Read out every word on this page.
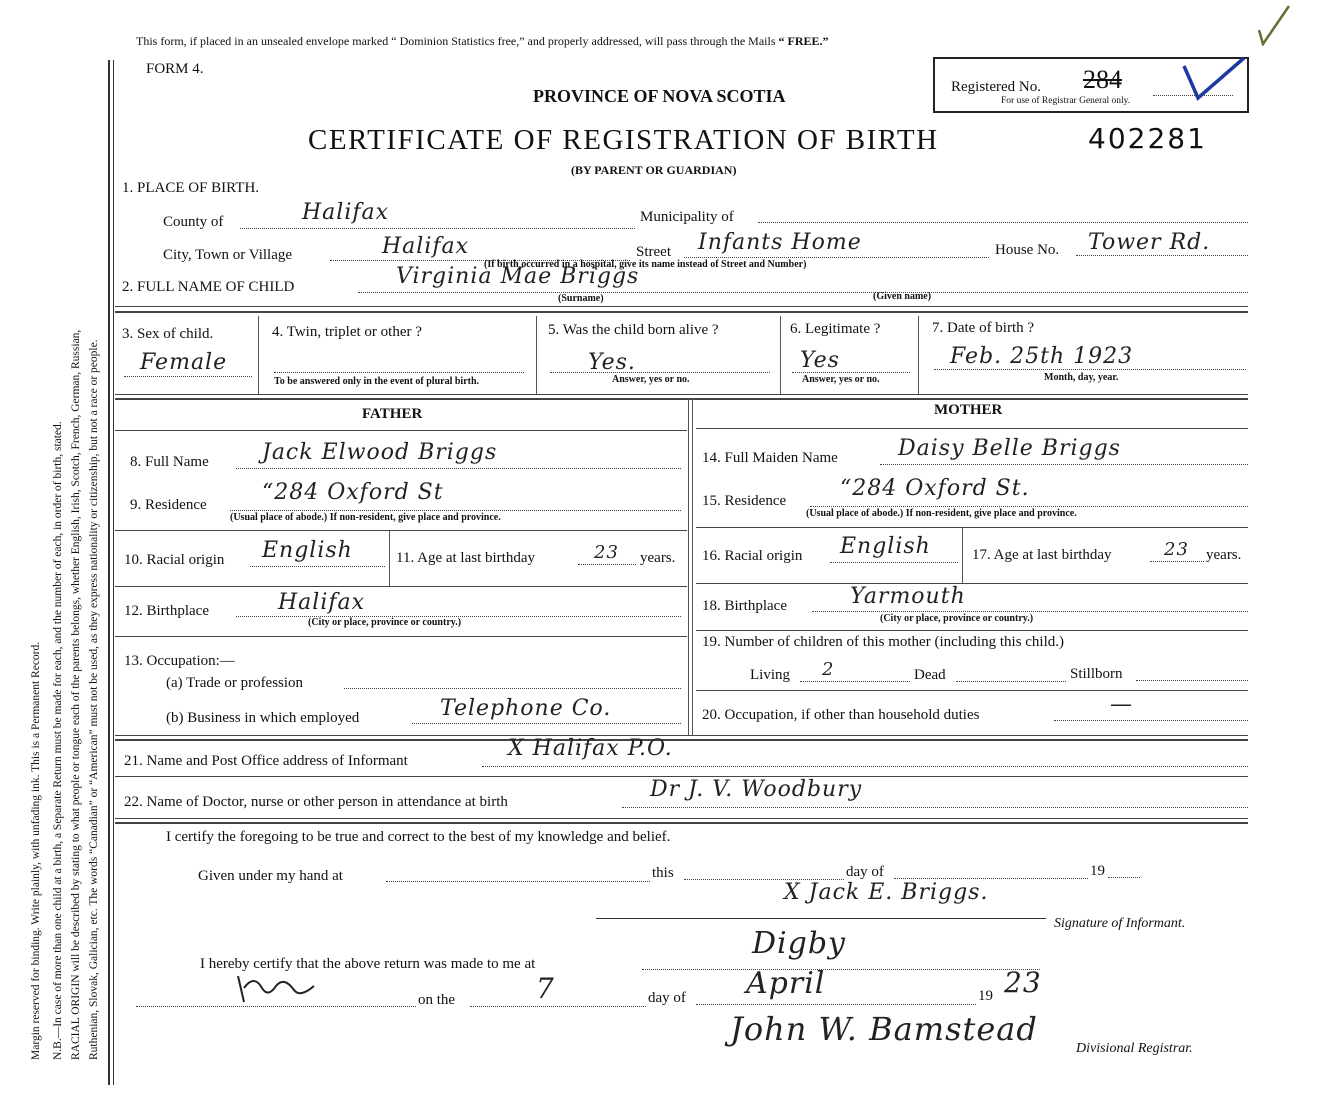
Margin reserved for binding. Write plainly, with unfading ink. This is a Permanent Record. N.B.—In case of more than one child at a birth, a Separate Return must be made for each, and the number of each, in order of birth, stated. RACIAL ORIGIN will be described by stating to what people or tongue each of the parents belongs, whether English, Irish, Scotch, French, German, Russian, Ruthenian, Slovak, Galician, etc. The words “Canadian” or “American” must not be used, as they express nationality or citizenship, but not a race or people.
This form, if placed in an unsealed envelope marked “ Dominion Statistics free,” and properly addressed, will pass through the Mails “ FREE.”
FORM 4.
PROVINCE OF NOVA SCOTIA
CERTIFICATE OF REGISTRATION OF BIRTH	402281
(BY PARENT OR GUARDIAN)
Registered No. 284
For use of Registrar General only.
1. PLACE OF BIRTH.
County of	Halifax	Municipality of
City, Town or Village	Halifax	Street Infants Home
(If birth occurred in a hospital, give its name instead of Street and Number)
House No. Tower Rd.
2. FULL NAME OF CHILD	Virginia Mae Briggs
(Surname)	(Given name)
3. Sex of child.
Female
4. Twin, triplet or other ?
To be answered only in the event of plural birth.
5. Was the child born alive ?
Yes.
Answer, yes or no.
6. Legitimate ?
Yes
Answer, yes or no.
7. Date of birth ?
Feb. 25th 1923
Month, day, year.
FATHER	MOTHER
8. Full Name Jack Elwood Briggs
9. Residence	“284 Oxford St
(Usual place of abode.) If non-resident, give place and province.
10. Racial origin English	11. Age at last birthday	23 years.
12. Birthplace	Halifax
(City or place, province or country.)
13. Occupation:—
(a) Trade or profession
(b) Business in which employed	Telephone Co.
14. Full Maiden Name	Daisy Belle Briggs
15. Residence “284 Oxford St.
(Usual place of abode.) If non-resident, give place and province.
16. Racial origin English	17. Age at last birthday	23 years.
18. Birthplace	Yarmouth
(City or place, province or country.)
19. Number of children of this mother (including this child.)
Living 2	Dead	Stillborn
20. Occupation, if other than household duties	—
21. Name and Post Office address of Informant	X Halifax P.O.
22. Name of Doctor, nurse or other person in attendance at birth	Dr J. V. Woodbury
I certify the foregoing to be true and correct to the best of my knowledge and belief.
Given under my hand at	this	day of	19
X Jack E. Briggs.
Signature of Informant.
I hereby certify that the above return was made to me at
Digby
on the	7	day of April	19 23
John W. Bamstead
Divisional Registrar.
